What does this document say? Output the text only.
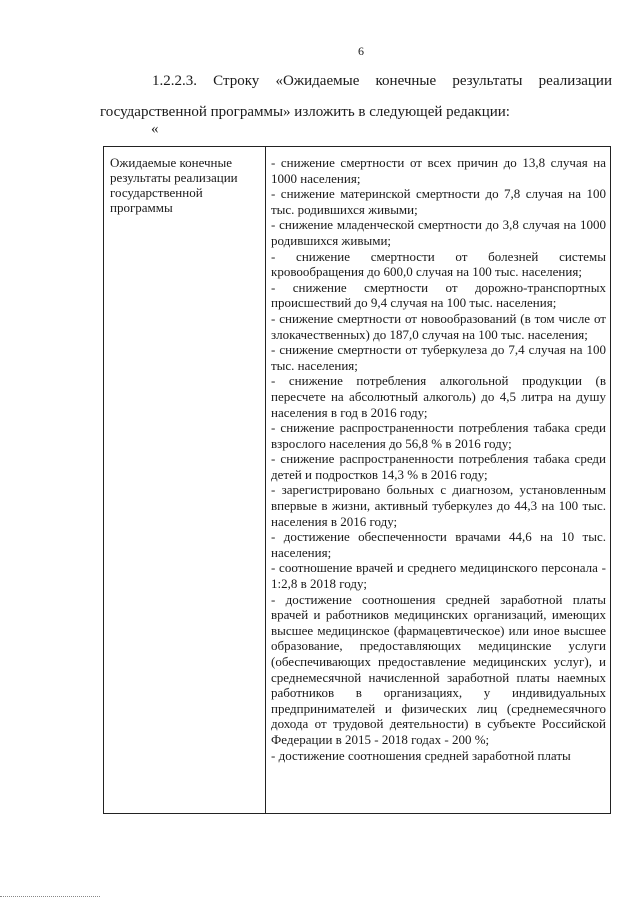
6
1.2.2.3. Строку «Ожидаемые конечные результаты реализации
государственной программы» изложить в следующей редакции:
«
Ожидаемые конечные результаты реализации государственной программы

- снижение смертности от всех причин до 13,8 случая на 1000 населения;

- снижение материнской смертности до 7,8 случая на 100 тыс. родившихся живыми;

- снижение младенческой смертности до 3,8 случая на 1000 родившихся живыми;

- снижение смертности от болезней системы кровообращения до 600,0 случая на 100 тыс. населения;

- снижение смертности от дорожно-транспортных происшествий до 9,4 случая на 100 тыс. населения;

- снижение смертности от новообразований (в том числе от злокачественных) до 187,0 случая на 100 тыс. населения;

- снижение смертности от туберкулеза до 7,4 случая на 100 тыс. населения;

- снижение потребления алкогольной продукции (в пересчете на абсолютный алкоголь) до 4,5 литра на душу населения в год в 2016 году;

- снижение распространенности потребления табака среди взрослого населения до 56,8 % в 2016 году;

- снижение распространенности потребления табака среди детей и подростков 14,3 % в 2016 году;

- зарегистрировано больных с диагнозом, установленным впервые в жизни, активный туберкулез до 44,3 на 100 тыс. населения в 2016 году;

- достижение обеспеченности врачами 44,6 на 10 тыс. населения;

- соотношение врачей и среднего медицинского персонала - 1:2,8 в 2018 году;

- достижение соотношения средней заработной платы врачей и работников медицинских организаций, имеющих высшее медицинское (фармацевтическое) или иное высшее образование, предоставляющих медицинские услуги (обеспечивающих предоставление медицинских услуг), и среднемесячной начисленной заработной платы наемных работников в организациях, у индивидуальных предпринимателей и физических лиц (среднемесячного дохода от трудовой деятельности) в субъекте Российской Федерации в 2015 - 2018 годах - 200 %;

- достижение соотношения средней заработной платы
